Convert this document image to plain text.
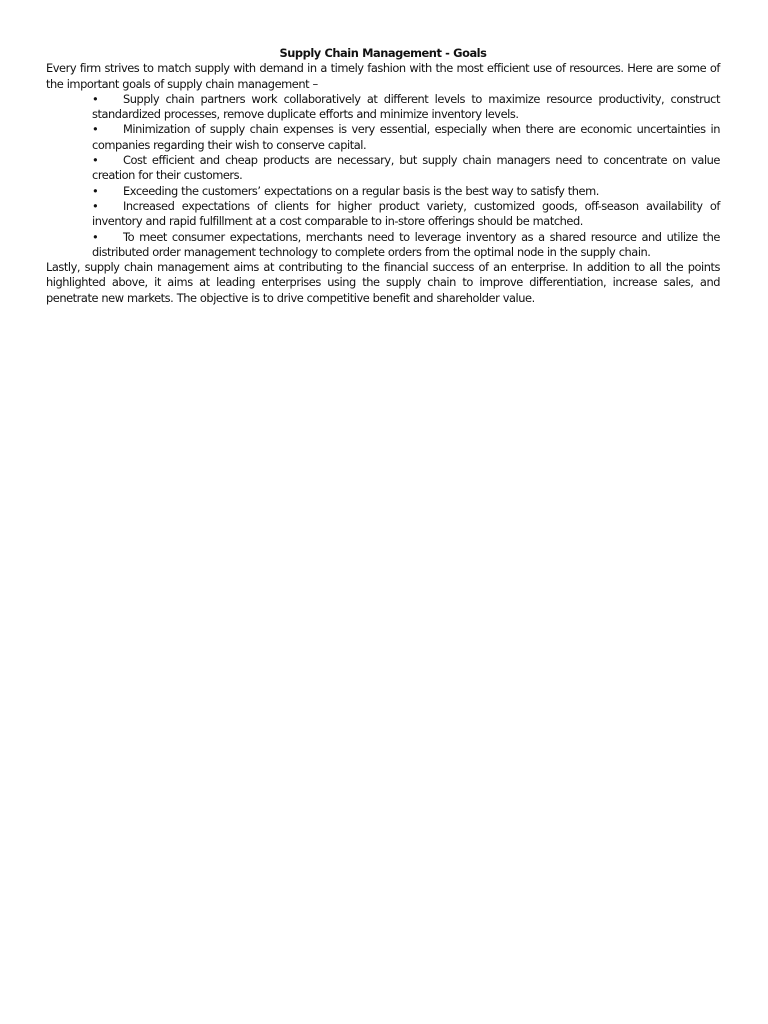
Supply Chain Management - Goals

Every firm strives to match supply with demand in a timely fashion with the most efficient use of resources. Here are some of the important goals of supply chain management –

• Supply chain partners work collaboratively at different levels to maximize resource productivity, construct standardized processes, remove duplicate efforts and minimize inventory levels.
• Minimization of supply chain expenses is very essential, especially when there are economic uncertainties in companies regarding their wish to conserve capital.
• Cost efficient and cheap products are necessary, but supply chain managers need to concentrate on value creation for their customers.
• Exceeding the customers’ expectations on a regular basis is the best way to satisfy them.
• Increased expectations of clients for higher product variety, customized goods, off-season availability of inventory and rapid fulfillment at a cost comparable to in-store offerings should be matched.
• To meet consumer expectations, merchants need to leverage inventory as a shared resource and utilize the distributed order management technology to complete orders from the optimal node in the supply chain.

Lastly, supply chain management aims at contributing to the financial success of an enterprise. In addition to all the points highlighted above, it aims at leading enterprises using the supply chain to improve differentiation, increase sales, and penetrate new markets. The objective is to drive competitive benefit and shareholder value.
